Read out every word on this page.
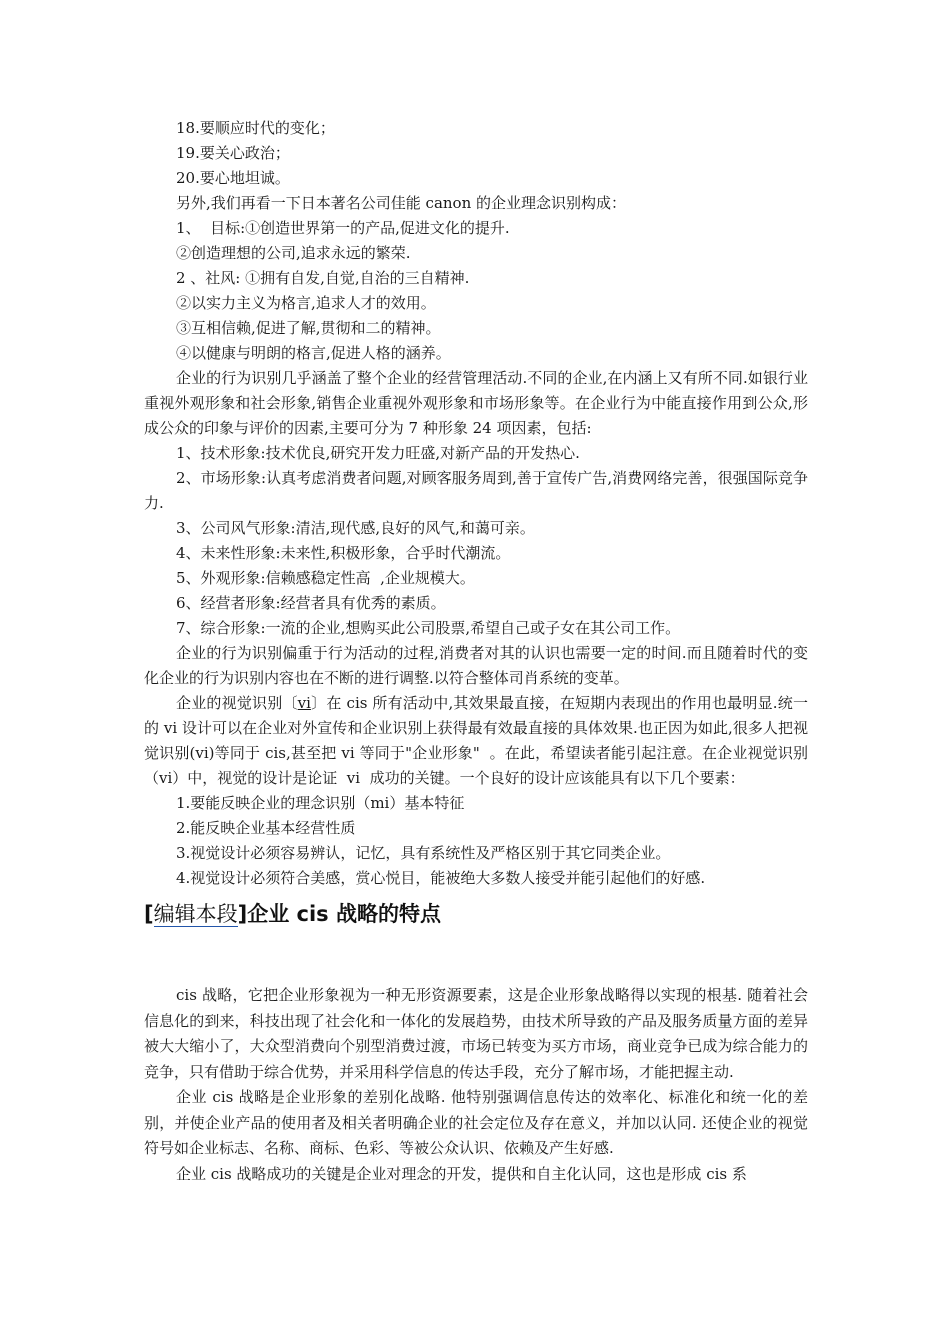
18.要顺应时代的变化；

19.要关心政治；

20.要心地坦诚。

另外,我们再看一下日本著名公司佳能 canon 的企业理念识别构成：

1、  目标:①创造世界第一的产品,促进文化的提升.

②创造理想的公司,追求永远的繁荣.

2 、社风: ①拥有自发,自觉,自治的三自精神.

②以实力主义为格言,追求人才的效用。

③互相信赖,促进了解,贯彻和二的精神。

④以健康与明朗的格言,促进人格的涵养。

企业的行为识别几乎涵盖了整个企业的经营管理活动.不同的企业,在内涵上又有所不同.如银行业重视外观形象和社会形象,销售企业重视外观形象和市场形象等。在企业行为中能直接作用到公众,形成公众的印象与评价的因素,主要可分为 7 种形象 24 项因素，包括:

1、技术形象:技术优良,研究开发力旺盛,对新产品的开发热心.

2、市场形象:认真考虑消费者问题,对顾客服务周到,善于宣传广告,消费网络完善，很强国际竞争力.

3、公司风气形象:清洁,现代感,良好的风气,和蔼可亲。

4、未来性形象:未来性,积极形象，合乎时代潮流。

5、外观形象:信赖感稳定性高  ,企业规模大。

6、经营者形象:经营者具有优秀的素质。

7、综合形象:一流的企业,想购买此公司股票,希望自己或子女在其公司工作。

企业的行为识别偏重于行为活动的过程,消费者对其的认识也需要一定的时间.而且随着时代的变化企业的行为识别内容也在不断的进行调整.以符合整体司肖系统的变革。

企业的视觉识别〔vi〕在 cis 所有活动中,其效果最直接，在短期内表现出的作用也最明显.统一的 vi 设计可以在企业对外宣传和企业识别上获得最有效最直接的具体效果.也正因为如此,很多人把视觉识别(vi)等同于 cis,甚至把 vi 等同于"企业形象"  。在此，希望读者能引起注意。在企业视觉识别（vi）中，视觉的设计是论证  vi  成功的关键。一个良好的设计应该能具有以下几个要素：

1.要能反映企业的理念识别（mi）基本特征

2.能反映企业基本经营性质

3.视觉设计必须容易辨认，记忆，具有系统性及严格区别于其它同类企业。

4.视觉设计必须符合美感，赏心悦目，能被绝大多数人接受并能引起他们的好感.

[编辑本段]企业 cis 战略的特点

cis 战略，它把企业形象视为一种无形资源要素，这是企业形象战略得以实现的根基. 随着社会信息化的到来，科技出现了社会化和一体化的发展趋势，由技术所导致的产品及服务质量方面的差异被大大缩小了，大众型消费向个别型消费过渡，市场已转变为买方市场，商业竞争已成为综合能力的竞争，只有借助于综合优势，并采用科学信息的传达手段，充分了解市场，才能把握主动.

企业 cis 战略是企业形象的差别化战略. 他特别强调信息传达的效率化、标准化和统一化的差别，并使企业产品的使用者及相关者明确企业的社会定位及存在意义，并加以认同. 还使企业的视觉符号如企业标志、名称、商标、色彩、等被公众认识、依赖及产生好感.

企业 cis 战略成功的关键是企业对理念的开发，提供和自主化认同，这也是形成 cis 系
